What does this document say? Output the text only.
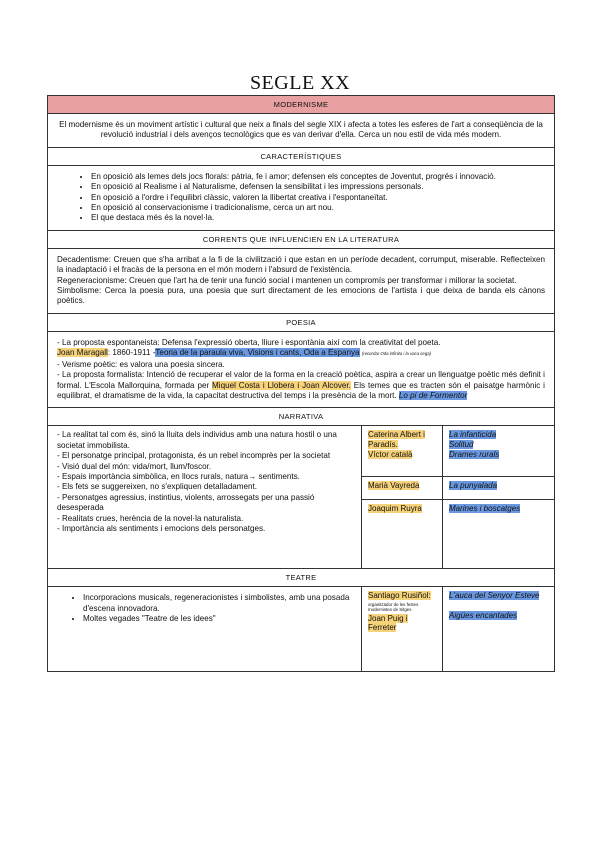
SEGLE XX
MODERNISME
El modernisme és un moviment artístic i cultural que neix a finals del segle XIX i afecta a totes les esferes de l'art a conseqüència de la revolució industrial i dels avenços tecnològics que es van derivar d'ella. Cerca un nou estil de vida més modern.
CARACTERÍSTIQUES
• En oposició als lemes dels jocs florals: pàtria, fe i amor; defensen els conceptes de Joventut, progrés i innovació.
• En oposició al Realisme i al Naturalisme, defensen la sensibilitat i les impressions personals.
• En oposició a l'ordre i l'equilibri clàssic, valoren la llibertat creativa i l'espontaneïtat.
• En oposició al conservacionisme i tradicionalisme, cerca un art nou.
• El que destaca més és la novel·la.
CORRENTS QUE INFLUENCIEN EN LA LITERATURA
Decadentisme: Creuen que s'ha arribat a la fi de la civilització i que estan en un període decadent, corrumput, miserable. Reflecteixen la inadaptació i el fracàs de la persona en el món modern i l'absurd de l'existència.
Regeneracionisme: Creuen que l'art ha de tenir una funció social i mantenen un compromís per transformar i millorar la societat.
Simbolisme: Cerca la poesia pura, una poesia que surt directament de les emocions de l'artista i que deixa de banda els cànons poètics.
POESIA
- La proposta espontaneista: Defensa l'expressió oberta, lliure i espontània així com la creativitat del poeta.
Joan Maragall: 1860-1911 -Teoria de la paraula viva, Visions i cants, Oda a Espanya (recordar Oda infinita i la vaca cega)
- Verisme poètic: es valora una poesia sincera.
- La proposta formalista: Intenció de recuperar el valor de la forma en la creació poètica, aspira a crear un llenguatge poètic més definit i formal. L'Escola Mallorquina, formada per Miquel Costa i Llobera i Joan Alcover. Els temes que es tracten són el paisatge harmònic i equilibrat, el dramatisme de la vida, la capacitat destructiva del temps i la presència de la mort. Lo pi de Formentor
NARRATIVA
- La realitat tal com és, sinó la lluita dels individus amb una natura hostil o una societat immobilista.
- El personatge principal, protagonista, és un rebel incomprès per la societat
- Visió dual del món: vida/mort, llum/foscor.
- Espais importància simbòlica, en llocs rurals, natura→ sentiments.
- Els fets se suggereixen, no s'expliquen detalladament.
- Personatges agressius, instintius, violents, arrossegats per una passió desesperada
- Realitats crues, herència de la novel·la naturalista.
- Importància als sentiments i emocions dels personatges.
Caterina Albert i Paradís.
Víctor català
Marià Vayreda
Joaquim Ruyra
La infanticida
Solitud
Drames rurals
La punyalada
Marines i boscatges
TEATRE
• Incorporacions musicals, regeneracionistes i simbolistes, amb una posada d'escena innovadora.
• Moltes vegades "Teatre de les idees"
Santiago Rusiñol:
organitzador de les festes modernistes de Sitges
Joan Puig i Ferreter
L'auca del Senyor Esteve

Aigües encantades
